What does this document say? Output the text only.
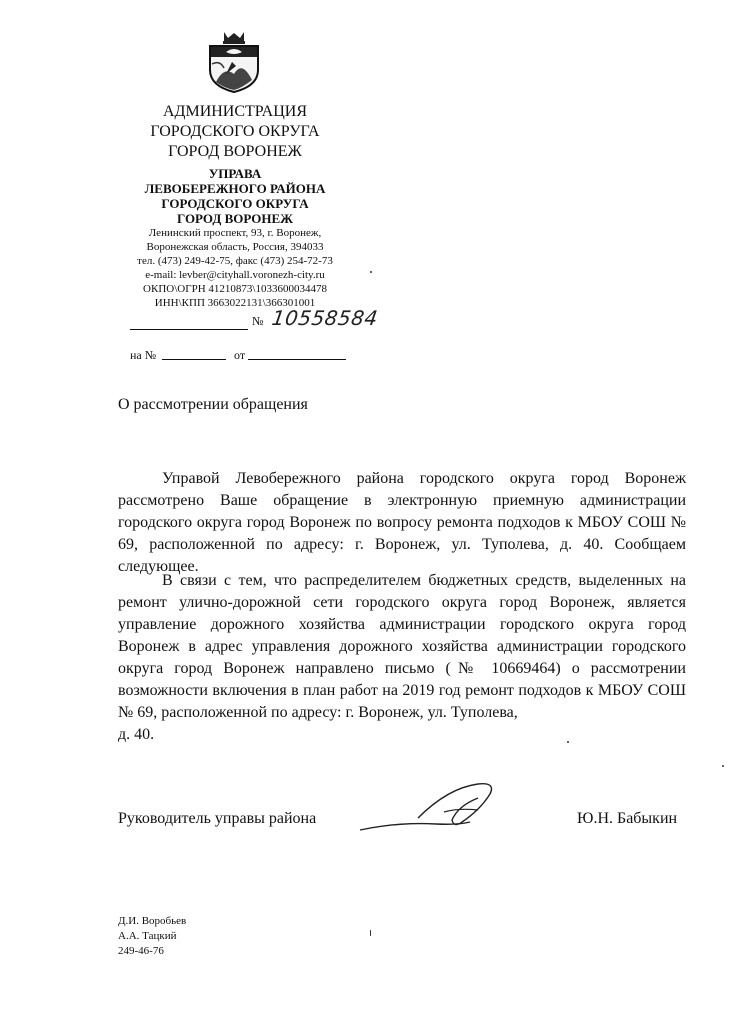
АДМИНИСТРАЦИЯ
ГОРОДСКОГО ОКРУГА
ГОРОД ВОРОНЕЖ
УПРАВА
ЛЕВОБЕРЕЖНОГО РАЙОНА
ГОРОДСКОГО ОКРУГА
ГОРОД ВОРОНЕЖ
Ленинский проспект, 93, г. Воронеж,
Воронежская область, Россия, 394033
тел. (473) 249-42-75, факс (473) 254-72-73
e-mail: levber@cityhall.voronezh-city.ru
ОКПО\ОГРН 41210873\1033600034478
ИНН\КПП 3663022131\366301001
№ 10558584
на №	от
О рассмотрении обращения
Управой Левобережного района городского округа город Воронеж рассмотрено Ваше обращение в электронную приемную администрации городского округа город Воронеж по вопросу ремонта подходов к МБОУ СОШ № 69, расположенной по адресу: г. Воронеж, ул. Туполева, д. 40. Сообщаем следующее.
В связи с тем, что распределителем бюджетных средств, выделенных на ремонт улично-дорожной сети городского округа город Воронеж, является управление дорожного хозяйства администрации городского округа город Воронеж в адрес управления дорожного хозяйства администрации городского округа город Воронеж направлено письмо (№ 10669464) о рассмотрении возможности включения в план работ на 2019 год ремонт подходов к МБОУ СОШ № 69, расположенной по адресу: г. Воронеж, ул. Туполева,
д. 40.
Руководитель управы района	Ю.Н. Бабыкин
Д.И. Воробьев
А.А. Тацкий
249-46-76
